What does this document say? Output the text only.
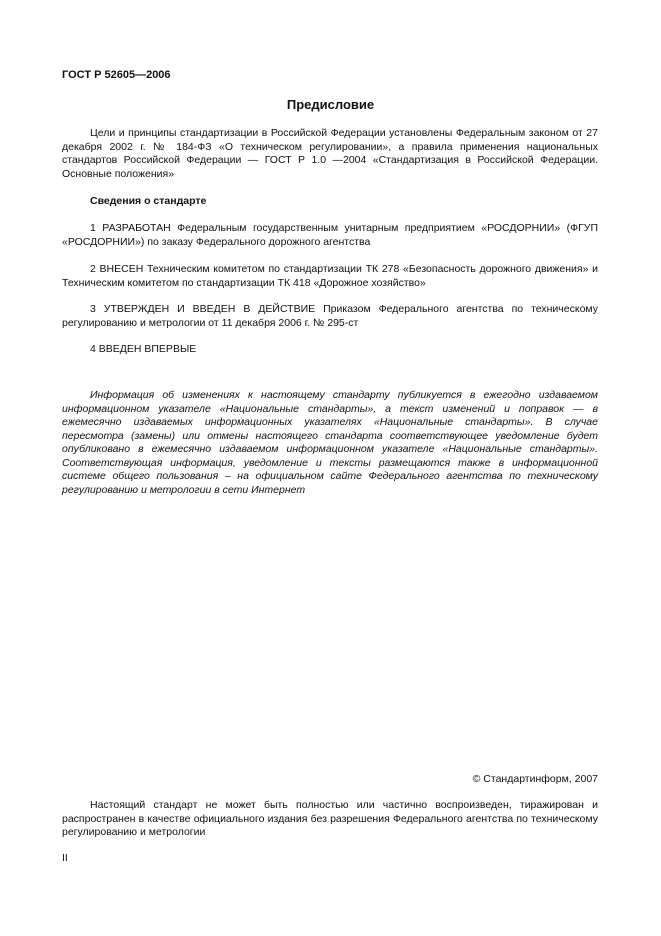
ГОСТ Р 52605—2006
Предисловие
Цели и принципы стандартизации в Российской Федерации установлены Федеральным законом от 27 декабря 2002 г. № 184-ФЗ «О техническом регулировании», а правила применения национальных стандартов Российской Федерации — ГОСТ Р 1.0 —2004 «Стандартизация в Российской Федерации. Основные положения»
Сведения о стандарте
1 РАЗРАБОТАН Федеральным государственным унитарным предприятием «РОСДОРНИИ» (ФГУП «РОСДОРНИИ») по заказу Федерального дорожного агентства
2 ВНЕСЕН Техническим комитетом по стандартизации ТК 278 «Безопасность дорожного движения» и Техническим комитетом по стандартизации ТК 418 «Дорожное хозяйство»
3 УТВЕРЖДЕН И ВВЕДЕН В ДЕЙСТВИЕ Приказом Федерального агентства по техническому регулированию и метрологии от 11 декабря 2006 г. № 295-ст
4 ВВЕДЕН ВПЕРВЫЕ
Информация об изменениях к настоящему стандарту публикуется в ежегодно издаваемом информационном указателе «Национальные стандарты», а текст изменений и поправок — в ежемесячно издаваемых информационных указателях «Национальные стандарты». В случае пересмотра (замены) или отмены настоящего стандарта соответствующее уведомление будет опубликовано в ежемесячно издаваемом информационном указателе «Национальные стандарты». Соответствующая информация, уведомление и тексты размещаются также в информационной системе общего пользования – на официальном сайте Федерального агентства по техническому регулированию и метрологии в сети Интернет
© Стандартинформ, 2007
Настоящий стандарт не может быть полностью или частично воспроизведен, тиражирован и распространен в качестве официального издания без разрешения Федерального агентства по техническому регулированию и метрологии
II
